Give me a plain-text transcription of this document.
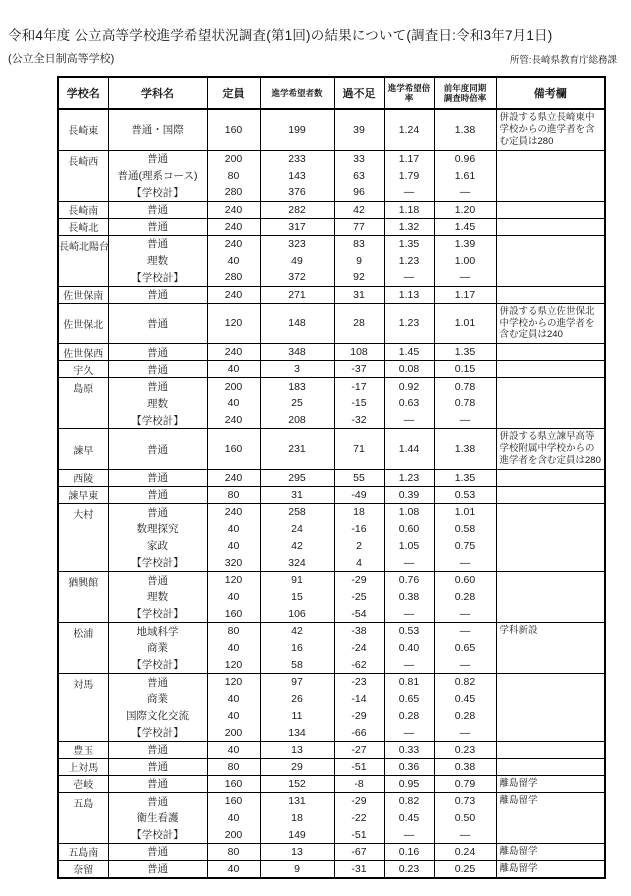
令和4年度 公立高等学校進学希望状況調査(第1回)の結果について(調査日:令和3年7月1日)
(公立全日制高等学校)	所管:長崎県教育庁総務課
学校名	学科名	定員	進学希望者数	過不足	進学希望倍率	前年度同期
調査時倍率	備考欄
長崎東	普通・国際	160	199	39	1.24	1.38	併設する県立長崎東中学校からの進学者を含む定員は280
長崎西	普通	200	233	33	1.17	0.96	
	普通(理系コース)	80	143	63	1.79	1.61	
	【学校計】	280	376	96	―	―	
長崎南	普通	240	282	42	1.18	1.20	
長崎北	普通	240	317	77	1.32	1.45	
長崎北陽台	普通	240	323	83	1.35	1.39	
	理数	40	49	9	1.23	1.00	
	【学校計】	280	372	92	―	―	
佐世保南	普通	240	271	31	1.13	1.17	
佐世保北	普通	120	148	28	1.23	1.01	併設する県立佐世保北中学校からの進学者を含む定員は240
佐世保西	普通	240	348	108	1.45	1.35	
宇久	普通	40	3	-37	0.08	0.15	
島原	普通	200	183	-17	0.92	0.78	
	理数	40	25	-15	0.63	0.78	
	【学校計】	240	208	-32	―	―	
諫早	普通	160	231	71	1.44	1.38	併設する県立諫早高等学校附属中学校からの進学者を含む定員は280
西陵	普通	240	295	55	1.23	1.35	
諫早東	普通	80	31	-49	0.39	0.53	
大村	普通	240	258	18	1.08	1.01	
	数理探究	40	24	-16	0.60	0.58	
	家政	40	42	2	1.05	0.75	
	【学校計】	320	324	4	―	―	
猶興館	普通	120	91	-29	0.76	0.60	
	理数	40	15	-25	0.38	0.28	
	【学校計】	160	106	-54	―	―	
松浦	地域科学	80	42	-38	0.53	―	学科新設
	商業	40	16	-24	0.40	0.65	
	【学校計】	120	58	-62	―	―	
対馬	普通	120	97	-23	0.81	0.82	
	商業	40	26	-14	0.65	0.45	
	国際文化交流	40	11	-29	0.28	0.28	
	【学校計】	200	134	-66	―	―	
豊玉	普通	40	13	-27	0.33	0.23	
上対馬	普通	80	29	-51	0.36	0.38	
壱岐	普通	160	152	-8	0.95	0.79	離島留学
五島	普通	160	131	-29	0.82	0.73	離島留学
	衛生看護	40	18	-22	0.45	0.50	
	【学校計】	200	149	-51	―	―	
五島南	普通	80	13	-67	0.16	0.24	離島留学
奈留	普通	40	9	-31	0.23	0.25	離島留学
